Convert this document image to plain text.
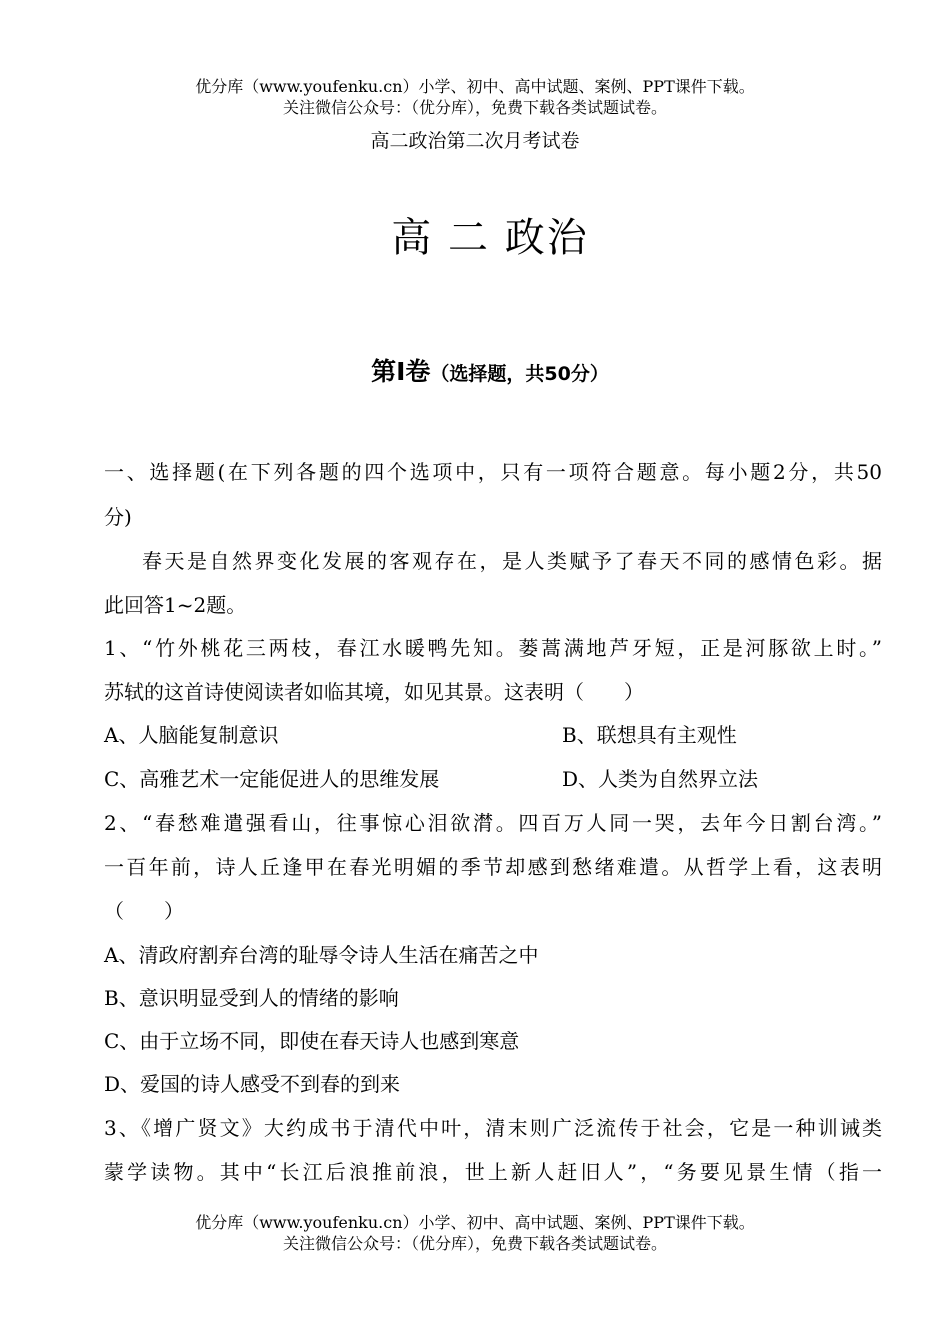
优分库（www.youfenku.cn）小学、初中、高中试题、案例、PPT课件下载。
关注微信公众号：（优分库），免费下载各类试题试卷。
高二政治第二次月考试卷
高 二 政治
第Ⅰ卷（选择题，共50分）
一、选择题(在下列各题的四个选项中，只有一项符合题意。每小题2分，共50
分)
春天是自然界变化发展的客观存在，是人类赋予了春天不同的感情色彩。据
此回答1~2题。
1、“竹外桃花三两枝，春江水暖鸭先知。蒌蒿满地芦牙短，正是河豚欲上时。”
苏轼的这首诗使阅读者如临其境，如见其景。这表明（　　）
A、人脑能复制意识	B、联想具有主观性
C、高雅艺术一定能促进人的思维发展	D、人类为自然界立法
2、“春愁难遣强看山，往事惊心泪欲潸。四百万人同一哭，去年今日割台湾。”
一百年前，诗人丘逢甲在春光明媚的季节却感到愁绪难遣。从哲学上看，这表明
（　　）
A、清政府割弃台湾的耻辱令诗人生活在痛苦之中
B、意识明显受到人的情绪的影响
C、由于立场不同，即使在春天诗人也感到寒意
D、爱国的诗人感受不到春的到来
3、《增广贤文》大约成书于清代中叶，清末则广泛流传于社会，它是一种训诫类
蒙学读物。其中“长江后浪推前浪，世上新人赶旧人”，“务要见景生情（指一
优分库（www.youfenku.cn）小学、初中、高中试题、案例、PPT课件下载。
关注微信公众号：（优分库），免费下载各类试题试卷。
